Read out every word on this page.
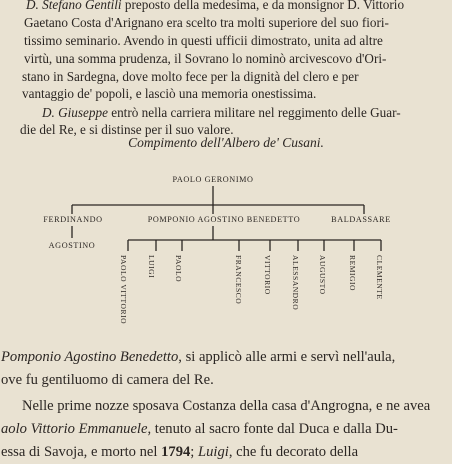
D. Stefano Gentili preposto della medesima, e da monsignor D. Vittorio
Gaetano Costa d'Arignano era scelto tra molti superiore del suo fiori-
tissimo seminario. Avendo in questi ufficii dimostrato, unita ad altre
virtù, una somma prudenza, il Sovrano lo nominò arcivescovo d'Ori-
stano in Sardegna, dove molto fece per la dignità del clero e per
vantaggio de' popoli, e lasciò una memoria onestissima.
D. Giuseppe entrò nella carriera militare nel reggimento delle Guar-
die del Re, e si distinse per il suo valore.
Compimento dell'Albero de' Cusani.
PAOLO GERONIMO
FERDINANDO	POMPONIO AGOSTINO BENEDETTO	BALDASSARE
AGOSTINO
PAOLO VITTORIO	LUIGI PAOLO	FRANCESCO	VITTORIO	ALESSANDRO AUGUSTO	REMIGIO CLEMENTE
Pomponio Agostino Benedetto, si applicò alle armi e servì nell'aula,
ove fu gentiluomo di camera del Re.
Nelle prime nozze sposava Costanza della casa d'Angrogna, e ne avea
aolo Vittorio Emmanuele, tenuto al sacro fonte dal Duca e dalla Du-
essa di Savoja, e morto nel 1794; Luigi, che fu decorato della
